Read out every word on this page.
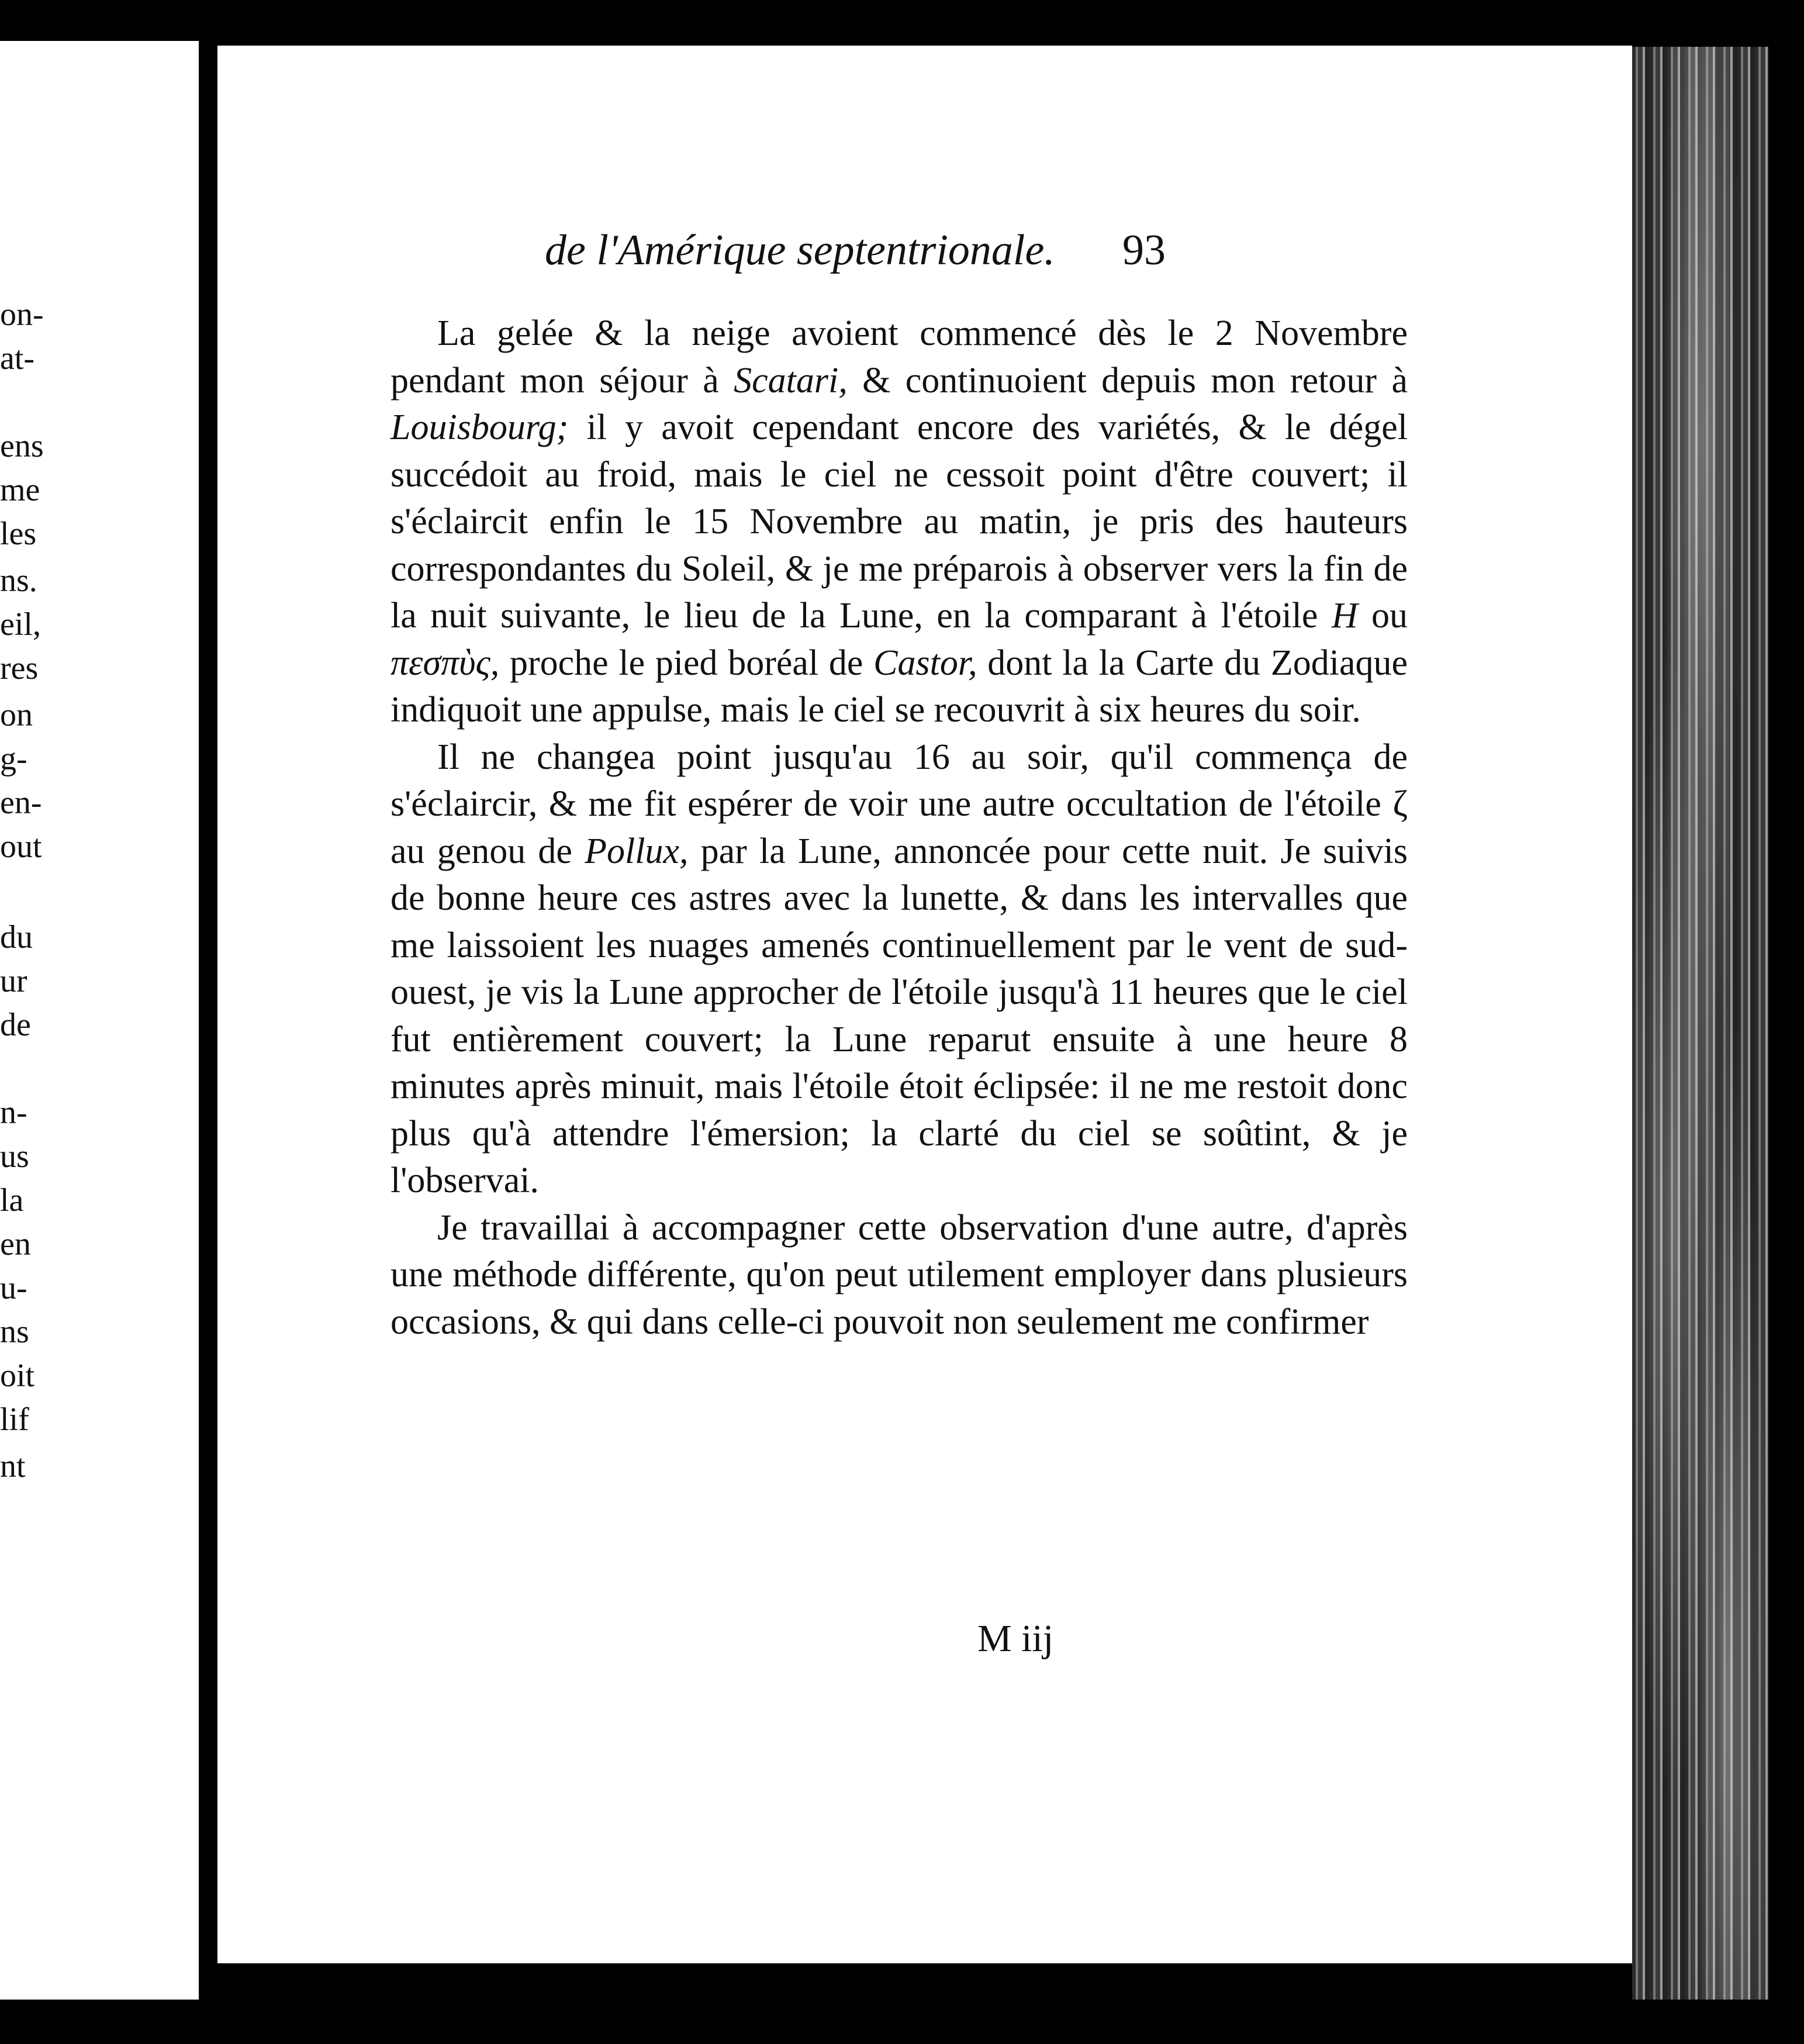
on-
at-
ens
me
les
ns.
eil,
res
on
g-
en-
out
du
ur
de
n-
us
la
en
u-
ns
oit
lif
nt
de l'Amérique septentrionale. 93

La gelée & la neige avoient commencé dès le 2 Novembre pendant mon séjour à Scatari, & continuoient depuis mon retour à Louisbourg; il y avoit cependant encore des variétés, & le dégel succédoit au froid, mais le ciel ne cessoit point d'être couvert; il s'éclaircit enfin le 15 Novembre au matin, je pris des hauteurs correspondantes du Soleil, & je me préparois à observer vers la fin de la nuit suivante, le lieu de la Lune, en la comparant à l'étoile H ou πεσπὺς, proche le pied boréal de Castor, dont la la Carte du Zodiaque indiquoit une appulse, mais le ciel se recouvrit à six heures du soir.

Il ne changea point jusqu'au 16 au soir, qu'il commença de s'éclaircir, & me fit espérer de voir une autre occultation de l'étoile ζ au genou de Pollux, par la Lune, annoncée pour cette nuit. Je suivis de bonne heure ces astres avec la lunette, & dans les intervalles que me laissoient les nuages amenés continuellement par le vent de sud-ouest, je vis la Lune approcher de l'étoile jusqu'à 11 heures que le ciel fut entièrement couvert; la Lune reparut ensuite à une heure 8 minutes après minuit, mais l'étoile étoit éclipsée: il ne me restoit donc plus qu'à attendre l'émersion; la clarté du ciel se soûtint, & je l'observai.

Je travaillai à accompagner cette observation d'une autre, d'après une méthode différente, qu'on peut utilement employer dans plusieurs occasions, & qui dans celle-ci pouvoit non seulement me confirmer

M iij
